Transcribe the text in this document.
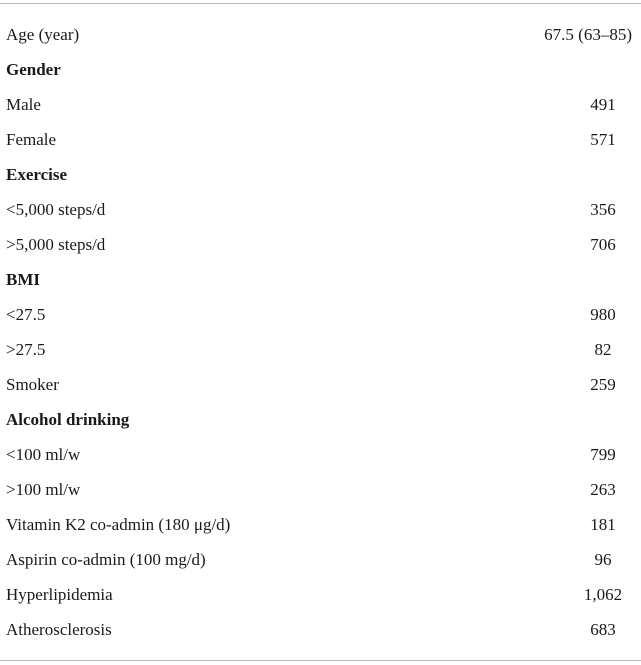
Age (year)	67.5 (63–85)
Gender
Male	491
Female	571
Exercise
<5,000 steps/d	356
>5,000 steps/d	706
BMI
<27.5	980
>27.5	82
Smoker	259
Alcohol drinking
<100 ml/w	799
>100 ml/w	263
Vitamin K2 co-admin (180 μg/d)	181
Aspirin co-admin (100 mg/d)	96
Hyperlipidemia	1,062
Atherosclerosis	683
